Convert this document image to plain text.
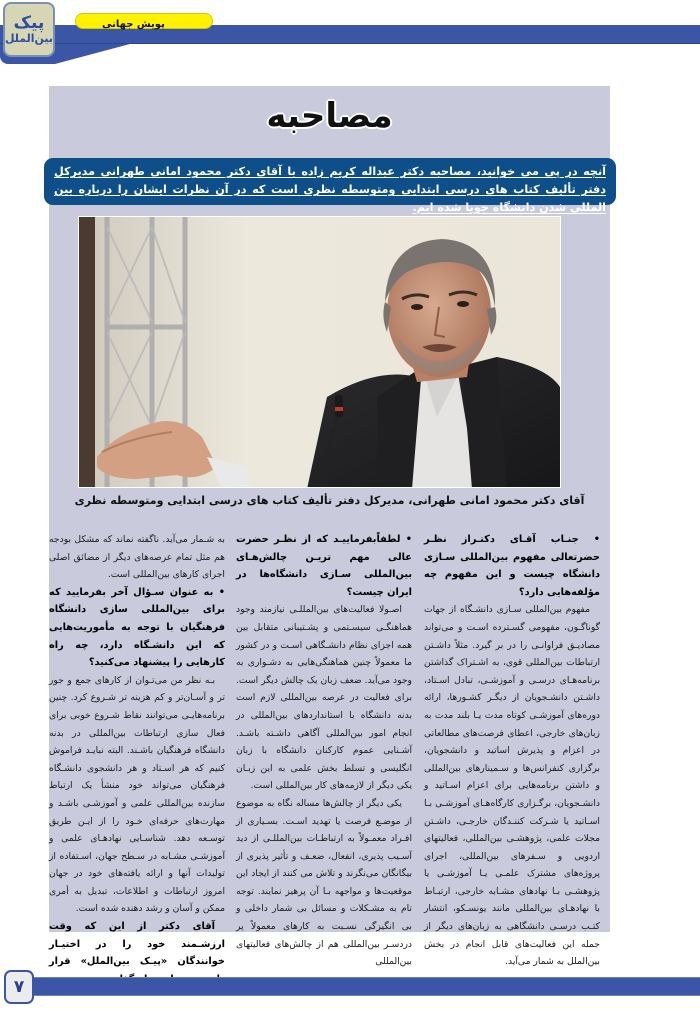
پیک
بین‌الملل
پویش جهانی
مصاحبه
آنچه در پی می خوانید، مصاحبه دکتر عبداله کریم زاده با آقای دکتر محمود امانی طهرانی مدیرکل دفتر تألیف کتاب های درسی ابتدایی ومتوسطه نظری است که در آن نظرات ایشان را درباره بین المللی شدن دانشگاه جویا شده ایم.
آقای دکتر محمود امانی طهرانی، مدیرکل دفتر تألیف کتاب های درسی ابتدایی ومتوسطه نظری

• جنـاب آقـای دکتـراز نظـر حضرتعالی مفهوم بین‌المللی سـازی دانشگاه چیست و این مفهوم چه مؤلفه‌هایی دارد؟

مفهوم بین‌المللی سـازی دانشـگاه از جهات گوناگـون، مفهومی گسـترده اسـت و می‌تواند مصادیـق فراوانـی را در بر گیرد. مثلاً داشـتن ارتباطات بین‌المللی قوی، به اشـتراک گذاشتن برنامه‌هـای درسـی و آموزشـی، تبادل اسـتاد، داشـتن دانشـجویان از دیگـر کشـورها، ارائه دوره‌های آموزشـی کوتاه مدت یـا بلند مدت به زبان‌های خارجی، اعطای فرصت‌های مطالعاتی در اعزام و پذیرش اساتید و دانشجویان، برگزاری کنفرانس‌ها و سـمینارهای بین‌المللی و داشتن برنامه‌هایی برای اعزام اسـاتید و دانشـجویان، برگـزاری کارگاه‌هـای آموزشـی بـا اسـاتید یا شـرکت کننـدگان خارجـی، داشـتن مجلات علمی، پژوهشـی بین‌المللی، فعالیتهای اردویی و سـفرهای بین‌المللی، اجرای پروژه‌های مشترک علمـی یـا آموزشـی یا پژوهشـی بـا نهادهای مشـابه خارجی، ارتبـاط با نهادهـای بین‌المللی مانند یونسـکو، انتشار کتـب درسـی دانشگاهی به زبان‌های دیگر از جمله این فعالیت‌های قابل انجام در بخش بین‌الملل به شمار می‌آید.

• لطفاًبفرماییـد که از نظـر حضرت عالی مهم تریـن چالش‌هـای بین‌المللی سـازی دانشگاه‌ها در ایران چیست؟

اصـولا فعالیت‌های بین‌المللـی نیازمند وجود هماهنگـی سیسـتمی و پشـتیبانی متقابل بین همه اجزای نظام دانشـگاهی اسـت و در کشور ما معمولاً چنین هماهنگی‌هایی به دشـواری به وجود می‌آید. ضعف زبان یک چالش دیگر است. برای فعالیت در عرصه بین‌المللی لازم است بدنه دانشگاه با استانداردهای بین‌المللی در انجام امور بین‌المللی آگاهی داشـته باشـد. آشـنایی عموم کارکنان دانشگاه با زبان انگلیسی و تسلط بخش علمی به این زبـان یکی دیگر از لازمه‌های کار بین‌المللی است.

یکی دیگر از چالش‌ها مساله نگاه به موضوع از موضـع فرصت یا تهدید اسـت. بسـیاری از افـراد معمـولاً به ارتباطـات بین‌المللـی از دید آسـیب پذیری، انفعال، ضعـف و تأثیر پذیری از بیگانگان می‌نگرند و تلاش می کنند از ایجاد این موقعیت‌ها و مواجهه بـا آن پرهیز نمایند. توجه تام به مشـکلات و مسائل بی شمار داخلی و بی انگیزگی نسـبت به کارهای معمولاً پر دردسـر بین‌المللی هم از چالش‌های فعالیتهای بین‌المللی

به شـمار می‌آید. ناگفته نماند که مشکل بودجه هم مثل تمام عرصه‌های دیگر از مضائق اصلی اجرای کارهای بین‌المللی است.

• به عنوان سـؤال آخر بفرمایید که برای بین‌المللی سازی دانشگاه فرهنگیان با توجه به مأموریت‌هایی که این دانشـگاه دارد، چه راه کارهایی را پیشنهاد می‌کنید؟

بـه نظر من می‌تـوان از کارهای جمع و جور تر و آسـان‌تر و کم هزینه تر شـروع کرد. چنین برنامه‌هایـی می‌توانند نقاط شـروع خوبی برای فعال سازی ارتباطات بین‌المللی در بدنه دانشگاه فرهنگیان باشـند. البته نبایـد فراموش کنیم که هر اسـتاد و هر دانشجوی دانشـگاه فرهنگیان می‌تواند خود منشأ یک ارتباط سازنده بین‌المللی علمی و آموزشـی باشـد و مهارت‌های حرفه‌ای خـود را از ایـن طریق توسـعه دهد. شناسـایی نهادهـای علمی و آموزشـی مشـابه در سـطح جهان، اسـتفاده از تولیدات آنها و ارائه یافته‌های خود در جهان امروز ارتباطات و اطلاعات، تبدیل به أمری ممکن و آسان و رشد دهنده شده است.

آقای دکتر از این که وقت ارزشـمند خود را در اختیـار خوانندگان «پیـک بین‌الملل» قرار

۷
